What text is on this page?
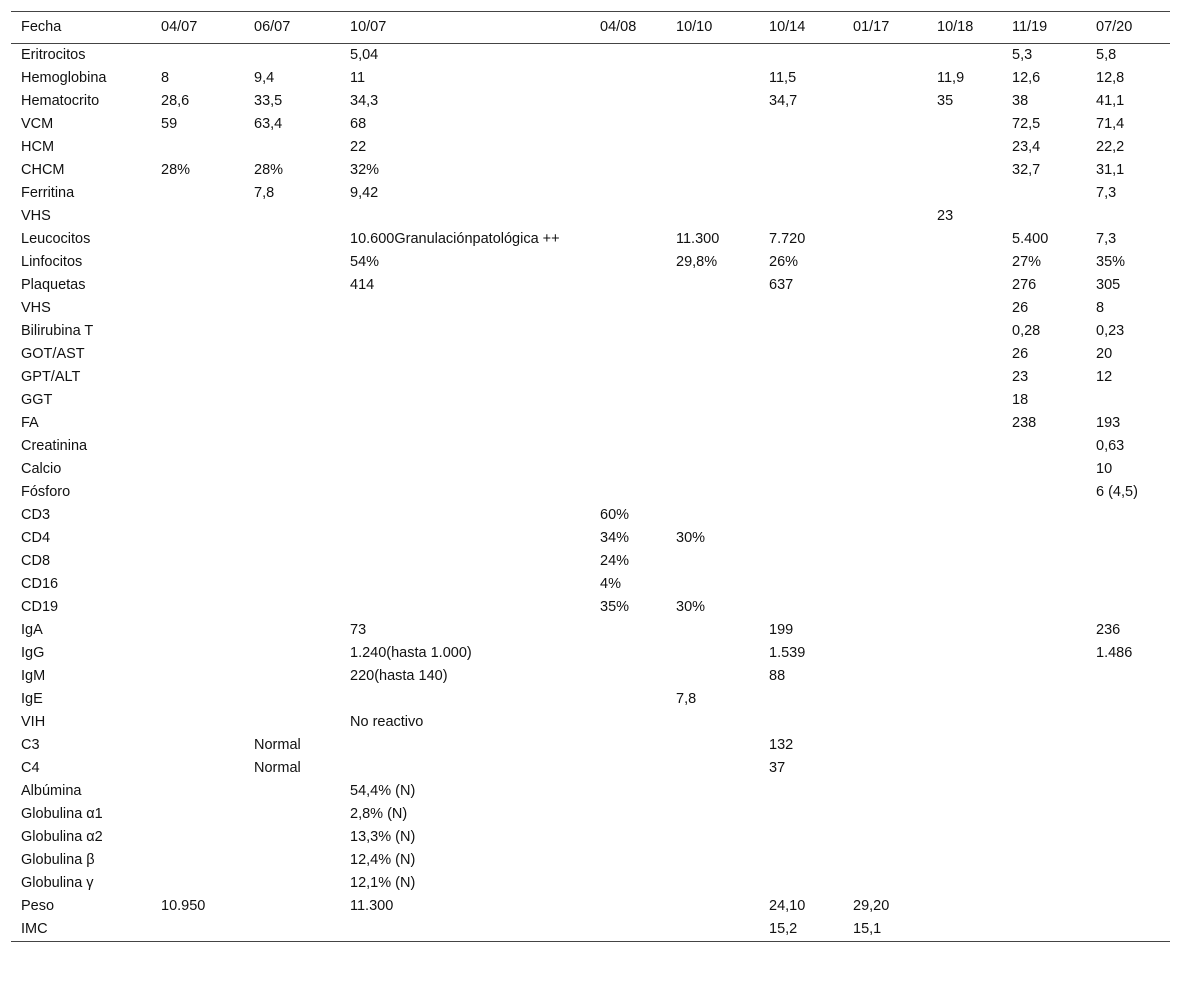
Fecha	04/07	06/07	10/07	04/08	10/10	10/14	01/17	10/18	11/19	07/20
Eritrocitos			5,04						5,3	5,8
Hemoglobina	8	9,4	11			11,5		11,9	12,6	12,8
Hematocrito	28,6	33,5	34,3			34,7		35	38	41,1
VCM	59	63,4	68						72,5	71,4
HCM			22						23,4	22,2
CHCM	28%	28%	32%						32,7	31,1
Ferritina		7,8	9,42							7,3
VHS								23		
Leucocitos			10.600Granulaciónpatológica ++		11.300	7.720			5.400	7,3
Linfocitos			54%		29,8%	26%			27%	35%
Plaquetas			414			637			276	305
VHS									26	8
Bilirubina T									0,28	0,23
GOT/AST									26	20
GPT/ALT									23	12
GGT									18	
FA									238	193
Creatinina										0,63
Calcio										10
Fósforo										6 (4,5)
CD3				60%						
CD4				34%	30%					
CD8				24%						
CD16				4%						
CD19				35%	30%					
IgA			73			199				236
IgG			1.240(hasta 1.000)			1.539				1.486
IgM			220(hasta 140)			88				
IgE					7,8					
VIH			No reactivo							
C3		Normal				132				
C4		Normal				37				
Albúmina			54,4% (N)							
Globulina α1			2,8% (N)							
Globulina α2			13,3% (N)							
Globulina β			12,4% (N)							
Globulina γ			12,1% (N)							
Peso	10.950		11.300			24,10	29,20			
IMC						15,2	15,1			
